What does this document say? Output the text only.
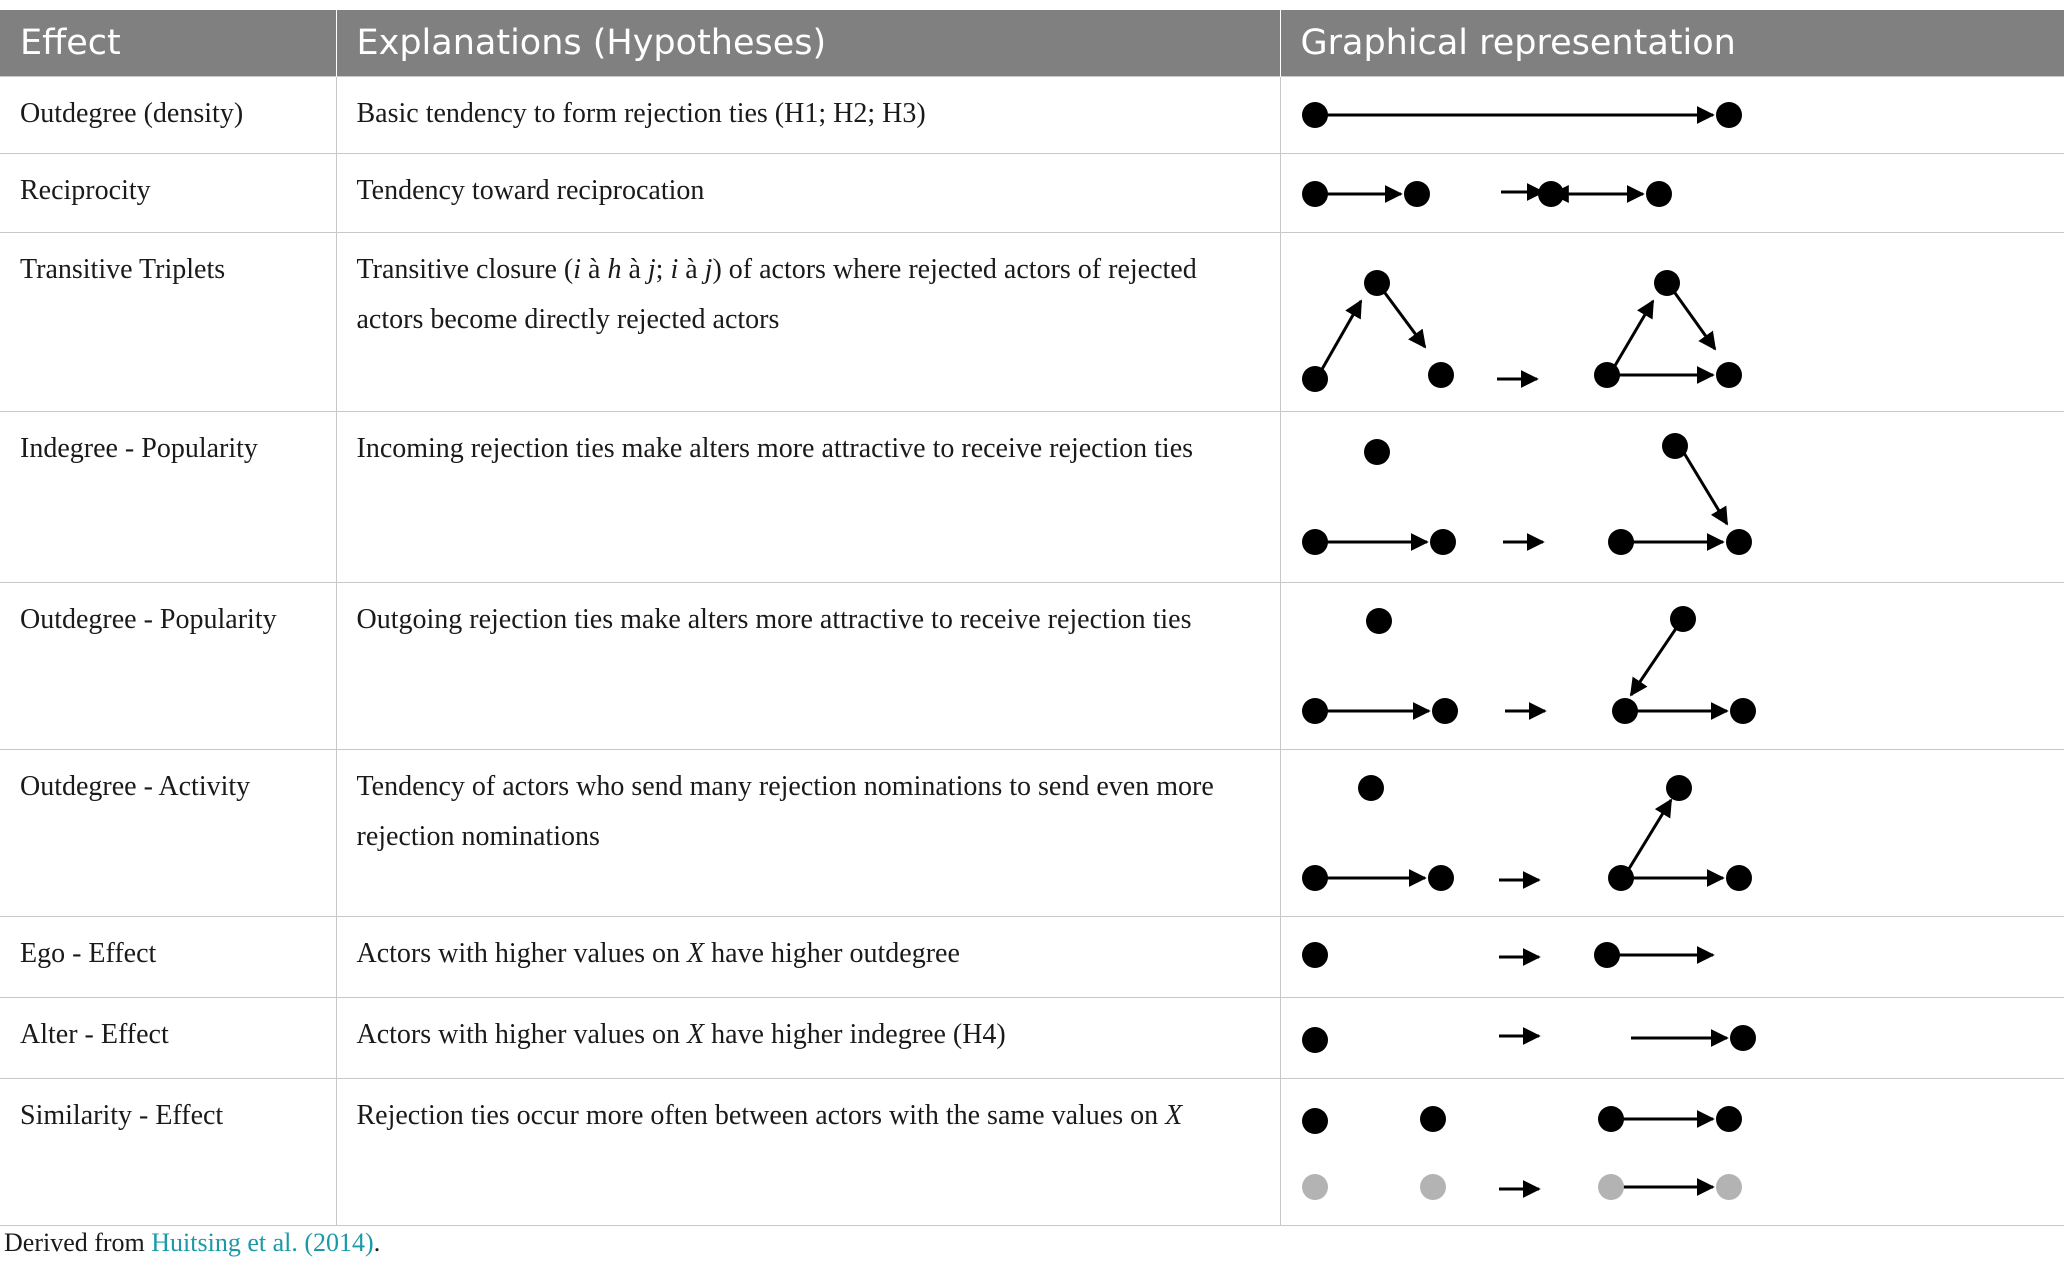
Effect	Explanations (Hypotheses)	Graphical representation
Outdegree (density)	Basic tendency to form rejection ties (H1; H2; H3)	

Reciprocity	Tendency toward reciprocation	

Transitive Triplets	Transitive closure (i à h à j; i à j) of actors where rejected actors of rejected actors become directly rejected actors	

Indegree - Popularity	Incoming rejection ties make alters more attractive to receive rejection ties	

Outdegree - Popularity	Outgoing rejection ties make alters more attractive to receive rejection ties	

Outdegree - Activity	Tendency of actors who send many rejection nominations to send even more rejection nominations	

Ego - Effect	Actors with higher values on X have higher outdegree	

Alter - Effect	Actors with higher values on X have higher indegree (H4)	

Similarity - Effect	Rejection ties occur more often between actors with the same values on X	
Derived from Huitsing et al. (2014).
